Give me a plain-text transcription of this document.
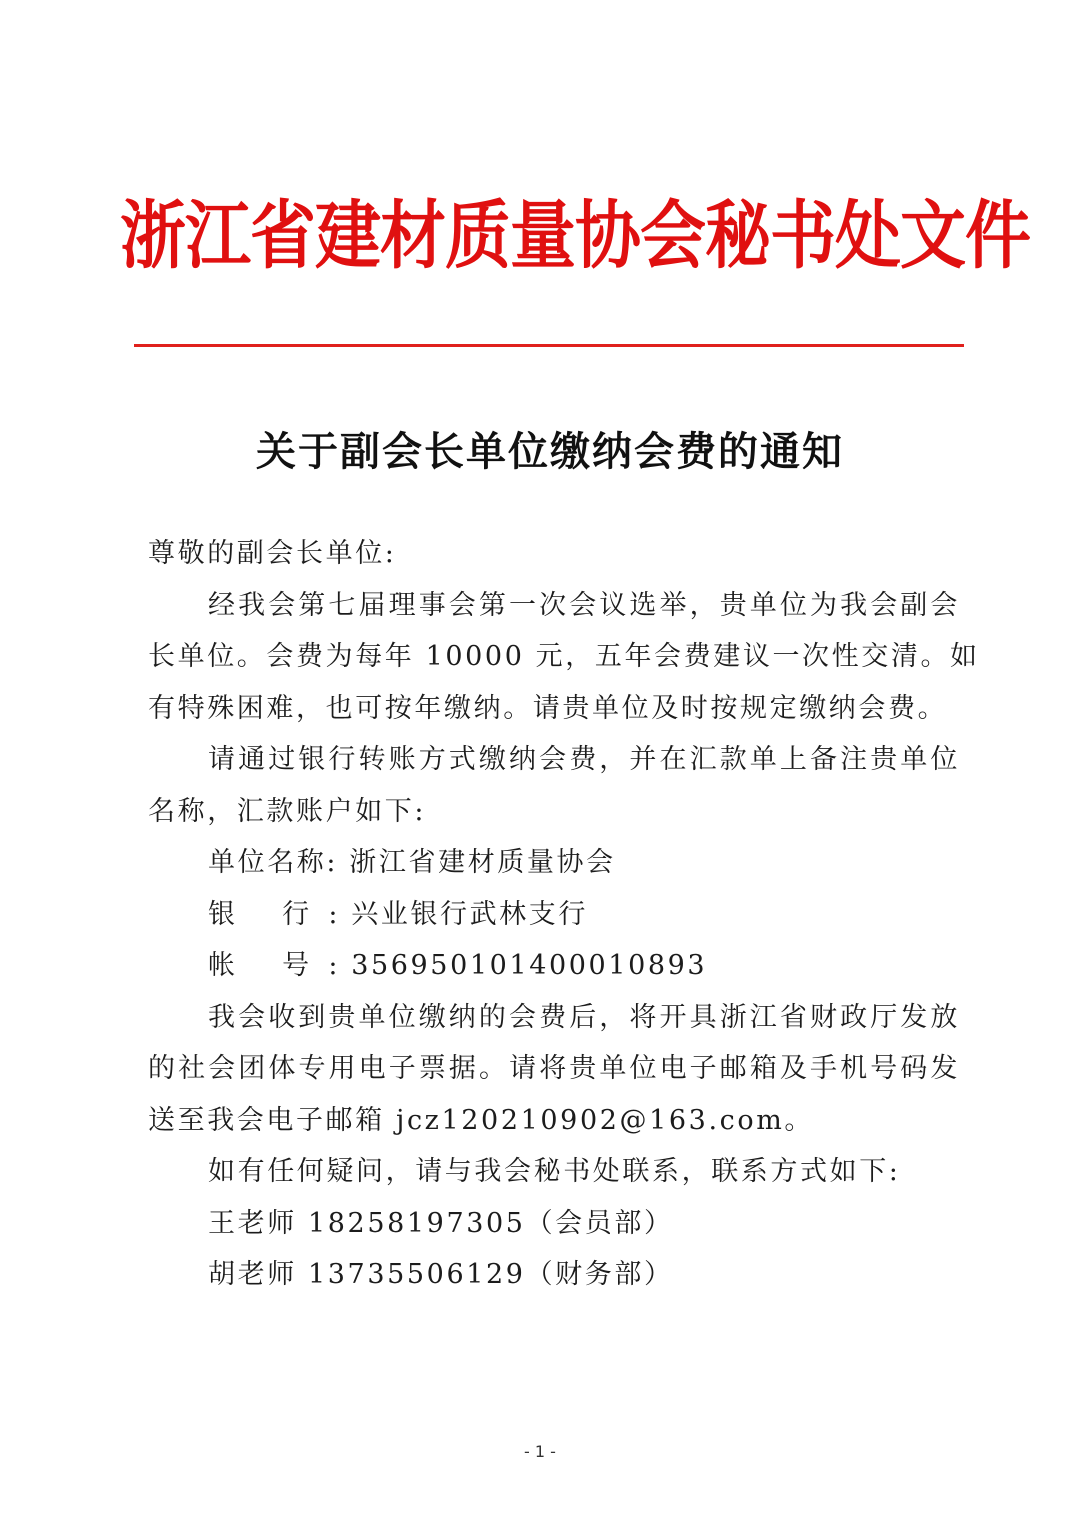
浙江省建材质量协会秘书处文件
关于副会长单位缴纳会费的通知
尊敬的副会长单位:
经我会第七届理事会第一次会议选举，贵单位为我会副会
长单位。会费为每年 10000 元，五年会费建议一次性交清。如
有特殊困难，也可按年缴纳。请贵单位及时按规定缴纳会费。
请通过银行转账方式缴纳会费，并在汇款单上备注贵单位
名称，汇款账户如下:
单位名称: 浙江省建材质量协会
银 行: 兴业银行武林支行
帐 号: 356950101400010893
我会收到贵单位缴纳的会费后，将开具浙江省财政厅发放
的社会团体专用电子票据。请将贵单位电子邮箱及手机号码发
送至我会电子邮箱 jcz120210902@163.com。
如有任何疑问，请与我会秘书处联系，联系方式如下:
王老师 18258197305（会员部）
胡老师 13735506129（财务部）
- 1 -
